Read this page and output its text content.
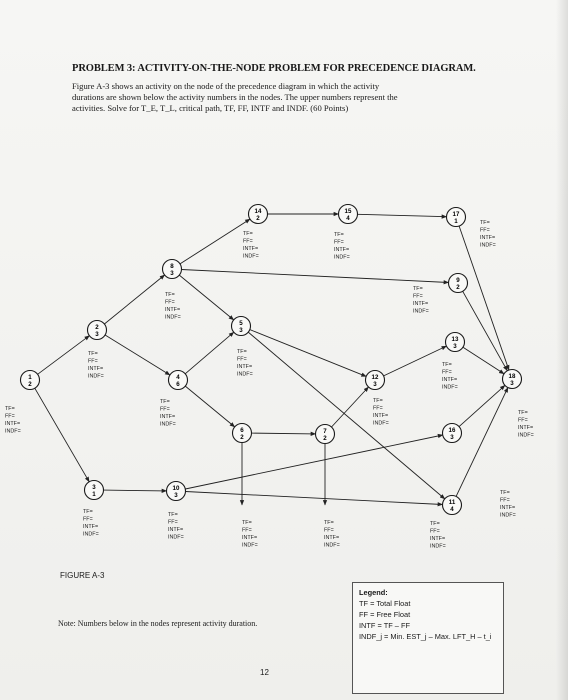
PROBLEM 3: ACTIVITY-ON-THE-NODE PROBLEM FOR PRECEDENCE DIAGRAM.
Figure A-3 shows an activity on the node of the precedence diagram in which the activity
durations are shown below the activity numbers in the nodes. The upper numbers represent the
activities. Solve for T_E, T_L, critical path, TF, FF, INTF and INDF. (60 Points)
1
2
2
3
3
1
4
6
5
3
6
2
7
2
8
3
9
2
10
3
11
4
12
3
13
3
14
2
15
4
16
3
17
1
18
3
TF=
FF=
INTF=
INDF=
TF=
FF=
INTF=
INDF=
TF=
FF=
INTF=
INDF=
TF=
FF=
INTF=
INDF=
TF=
FF=
INTF=
INDF=
TF=
FF=
INTF=
INDF=
TF=
FF=
INTF=
INDF=
TF=
FF=
INTF=
INDF=
TF=
FF=
INTF=
INDF=
TF=
FF=
INTF=
INDF=
TF=
FF=
INTF=
INDF=
TF=
FF=
INTF=
INDF=
TF=
FF=
INTF=
INDF=
TF=
FF=
INTF=
INDF=
TF=
FF=
INTF=
INDF=
TF=
FF=
INTF=
INDF=
TF=
FF=
INTF=
INDF=
TF=
FF=
INTF=
INDF=
FIGURE A-3
Note: Numbers below in the nodes represent activity duration.
12
Legend:
TF = Total Float
FF = Free Float
INTF = TF – FF
INDF_j = Min. EST_j – Max. LFT_H – t_i
